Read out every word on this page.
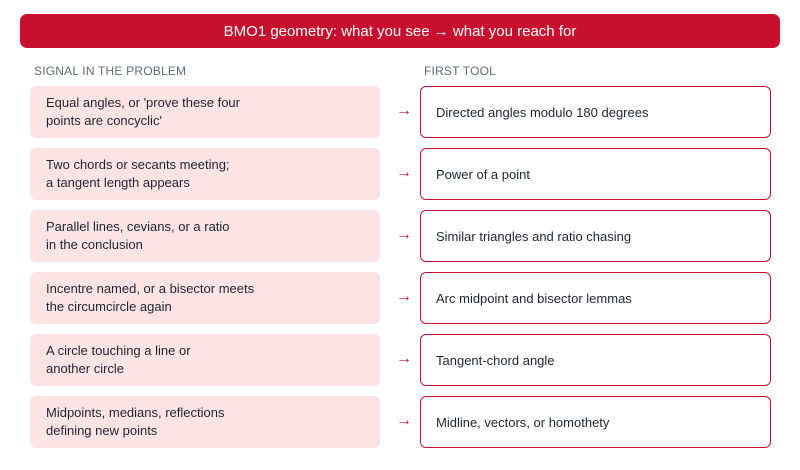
BMO1 geometry: what you see → what you reach for
SIGNAL IN THE PROBLEM	FIRST TOOL
Equal angles, or 'prove these four
points are concyclic'
→ Directed angles modulo 180 degrees
Two chords or secants meeting;
a tangent length appears
→ Power of a point
Parallel lines, cevians, or a ratio
in the conclusion
→ Similar triangles and ratio chasing
Incentre named, or a bisector meets
the circumcircle again
→ Arc midpoint and bisector lemmas
A circle touching a line or
another circle
→ Tangent-chord angle
Midpoints, medians, reflections
defining new points
→ Midline, vectors, or homothety
